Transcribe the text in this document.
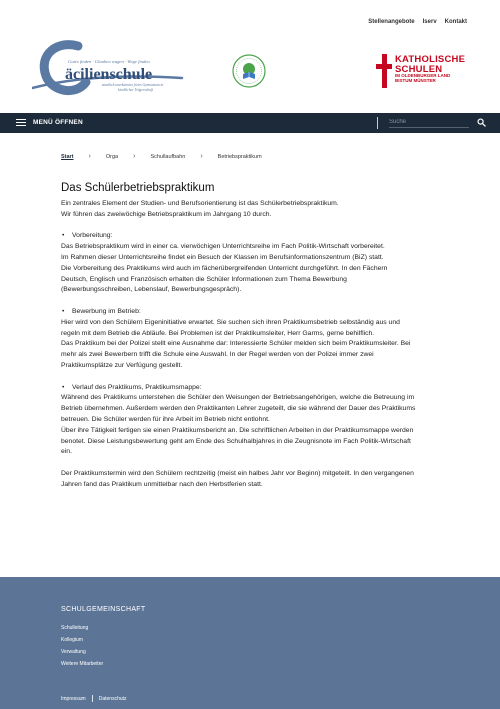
Stellenangebote Iserv Kontakt
Gutes finden · Glauben wagen · Wege finden
äcilienschule
staatlich anerkanntes freies Gymnasium in
kirchlicher Trägerschaft
KATHOLISCHE
SCHULEN
IM OLDENBURGER LAND
BISTUM MÜNSTER
MENÜ ÖFFNEN
Suche
Start ›	Orga ›	Schullaufbahn ›	Betriebspraktikum
Das Schülerbetriebspraktikum
Ein zentrales Element der Studien- und Berufsorientierung ist das Schülerbetriebspraktikum.
Wir führen das zweiwöchige Betriebspraktikum im Jahrgang 10 durch.
• Vorbereitung:
Das Betriebspraktikum wird in einer ca. vierwöchigen Unterrichtsreihe im Fach Politik-Wirtschaft vorbereitet.
Im Rahmen dieser Unterrichtsreihe findet ein Besuch der Klassen im Berufsinformationszentrum (BiZ) statt.
Die Vorbereitung des Praktikums wird auch im fächerübergreifenden Unterricht durchgeführt. In den Fächern
Deutsch, Englisch und Französisch erhalten die Schüler Informationen zum Thema Bewerbung
(Bewerbungsschreiben, Lebenslauf, Bewerbungsgespräch).
• Bewerbung im Betrieb:
Hier wird von den Schülern Eigeninitiative erwartet. Sie suchen sich ihren Praktikumsbetrieb selbständig aus und
regeln mit dem Betrieb die Abläufe. Bei Problemen ist der Praktikumsleiter, Herr Garms, gerne behilflich.
Das Praktikum bei der Polizei stellt eine Ausnahme dar: Interessierte Schüler melden sich beim Praktikumsleiter. Bei
mehr als zwei Bewerbern trifft die Schule eine Auswahl. In der Regel werden von der Polizei immer zwei
Praktikumsplätze zur Verfügung gestellt.
• Verlauf des Praktikums, Praktikumsmappe:
Während des Praktikums unterstehen die Schüler den Weisungen der Betriebsangehörigen, welche die Betreuung im
Betrieb übernehmen. Außerdem werden den Praktikanten Lehrer zugeteilt, die sie während der Dauer des Praktikums
betreuen. Die Schüler werden für ihre Arbeit im Betrieb nicht entlohnt.
Über ihre Tätigkeit fertigen sie einen Praktikumsbericht an. Die schriftlichen Arbeiten in der Praktikumsmappe werden
benotet. Diese Leistungsbewertung geht am Ende des Schulhalbjahres in die Zeugnisnote im Fach Politik-Wirtschaft
ein.
Der Praktikumstermin wird den Schülern rechtzeitig (meist ein halbes Jahr vor Beginn) mitgeteilt. In den vergangenen
Jahren fand das Praktikum unmittelbar nach den Herbstferien statt.
SCHULGEMEINSCHAFT
Schulleitung
Kollegium
Verwaltung
Weitere Mitarbeiter
Impressum	Datenschutz
